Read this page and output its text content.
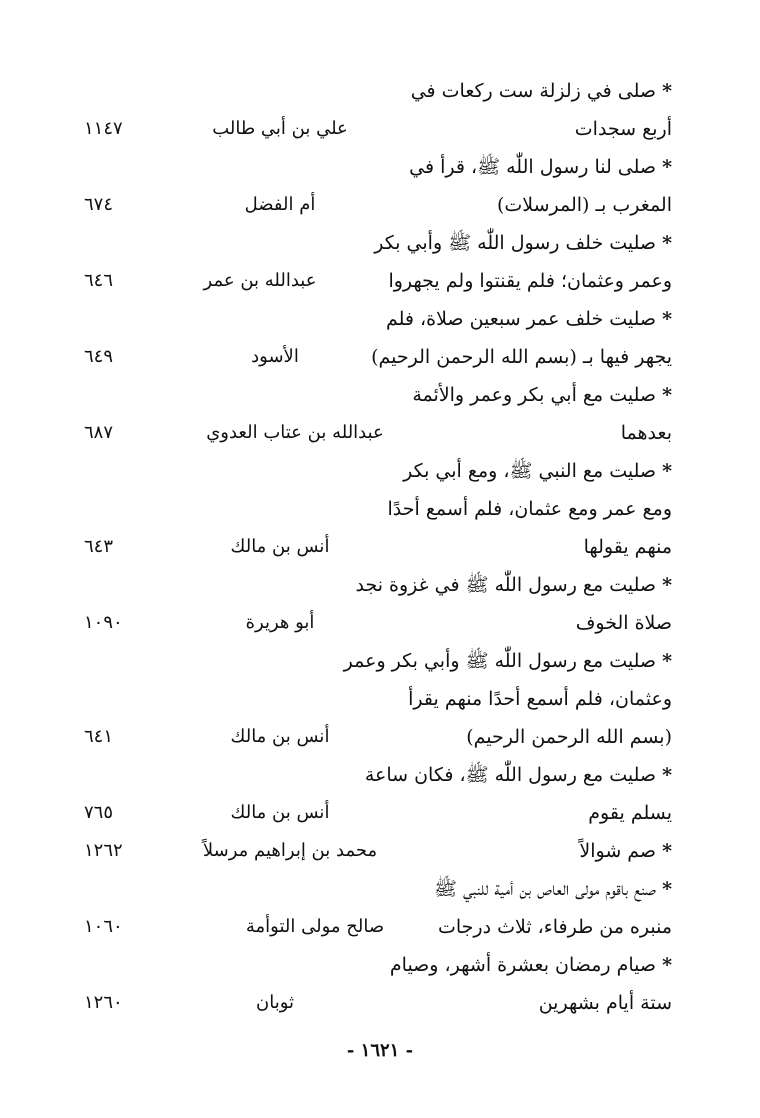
*صلى في زلزلة ست ركعات في
أربع سجدات
علي بن أبي طالب
١١٤٧
*صلى لنا رسول اللّٰه ﷺ، قرأ في
المغرب بـ (المرسلات)
أم الفضل
٦٧٤
*صليت خلف رسول اللّٰه ﷺ وأبي بكر
وعمر وعثمان؛ فلم يقنتوا ولم يجهروا
عبدالله بن عمر
٦٤٦
*صليت خلف عمر سبعين صلاة، فلم
يجهر فيها بـ (بسم الله الرحمن الرحيم)
الأسود
٦٤٩
*صليت مع أبي بكر وعمر والأئمة
بعدهما
عبدالله بن عتاب العدوي
٦٨٧
*صليت مع النبي ﷺ، ومع أبي بكر
ومع عمر ومع عثمان، فلم أسمع أحدًا
منهم يقولها
أنس بن مالك
٦٤٣
*صليت مع رسول اللّٰه ﷺ في غزوة نجد
صلاة الخوف
أبو هريرة
١٠٩٠
*صليت مع رسول اللّٰه ﷺ وأبي بكر وعمر
وعثمان، فلم أسمع أحدًا منهم يقرأ
(بسم الله الرحمن الرحيم)
أنس بن مالك
٦٤١
*صليت مع رسول اللّٰه ﷺ، فكان ساعة
يسلم يقوم
أنس بن مالك
٧٦٥
*صم شوالاً
محمد بن إبراهيم مرسلاً
١٢٦٢
*صنع باقوم مولى العاص بن أمية للنبي ﷺ
منبره من طرفاء، ثلاث درجات
صالح مولى التوأمة
١٠٦٠
*صيام رمضان بعشرة أشهر، وصيام
ستة أيام بشهرين
ثوبان
١٢٦٠
- ١٦٢١ -
